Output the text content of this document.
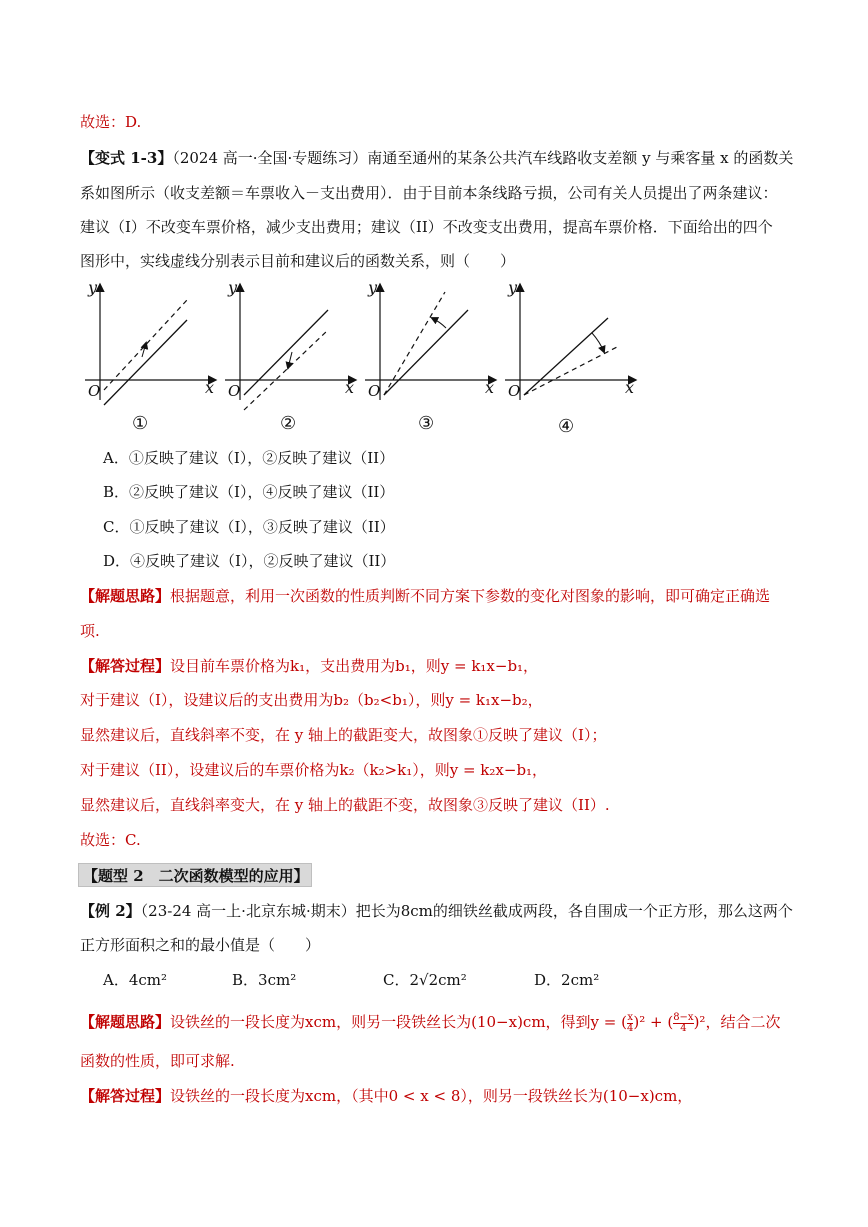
故选：D.
【变式 1-3】（2024 高一·全国·专题练习）南通至通州的某条公共汽车线路收支差额 y 与乘客量 x 的函数关
系如图所示（收支差额＝车票收入－支出费用）．由于目前本条线路亏损，公司有关人员提出了两条建议：
建议（I）不改变车票价格，减少支出费用；建议（II）不改变支出费用，提高车票价格．下面给出的四个
图形中，实线虚线分别表示目前和建议后的函数关系，则（　　）
y
x
O
①
y
x
O
②
y
x
O
③
y
x
O
④
A．①反映了建议（I），②反映了建议（II）
B．②反映了建议（I），④反映了建议（II）
C．①反映了建议（I），③反映了建议（II）
D．④反映了建议（I），②反映了建议（II）
【解题思路】根据题意，利用一次函数的性质判断不同方案下参数的变化对图象的影响，即可确定正确选
项.
【解答过程】设目前车票价格为k₁，支出费用为b₁，则y = k₁x−b₁，
对于建议（I），设建议后的支出费用为b₂（b₂<b₁），则y = k₁x−b₂，
显然建议后，直线斜率不变，在 y 轴上的截距变大，故图象①反映了建议（I）；
对于建议（II），设建议后的车票价格为k₂（k₂>k₁），则y = k₂x−b₁，
显然建议后，直线斜率变大，在 y 轴上的截距不变，故图象③反映了建议（II）.
故选：C.
【题型 2　二次函数模型的应用】
【例 2】（23-24 高一上·北京东城·期末）把长为8cm的细铁丝截成两段，各自围成一个正方形，那么这两个
正方形面积之和的最小值是（　　）
A．4cm²	B．3cm²	C．2√2cm²	D．2cm²
【解题思路】设铁丝的一段长度为xcm，则另一段铁丝长为(10−x)cm，得到$y = (\frac{x}{4} )^2 + (\frac{8-x}{4} )^2$，结合二次
函数的性质，即可求解.
【解答过程】设铁丝的一段长度为xcm，（其中0 < x < 8），则另一段铁丝长为(10−x)cm，
